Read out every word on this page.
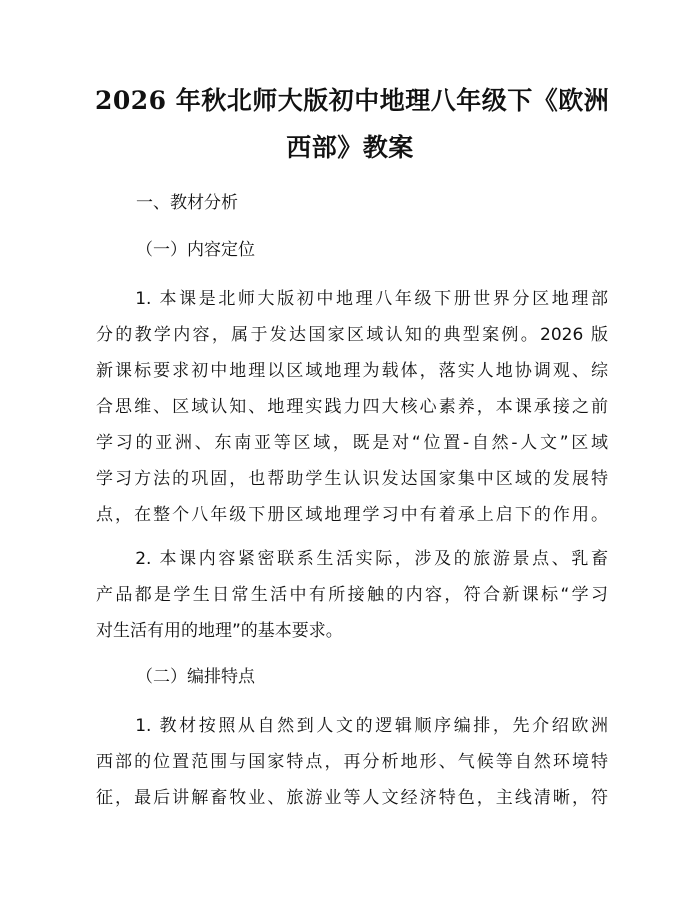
2026 年秋北师大版初中地理八年级下《欧洲
西部》教案
一、教材分析
（一）内容定位
　　1. 本课是北师大版初中地理八年级下册世界分区地理部
分的教学内容，属于发达国家区域认知的典型案例。2026 版
新课标要求初中地理以区域地理为载体，落实人地协调观、综
合思维、区域认知、地理实践力四大核心素养，本课承接之前
学习的亚洲、东南亚等区域，既是对“位置-自然-人文”区域
学习方法的巩固，也帮助学生认识发达国家集中区域的发展特
点，在整个八年级下册区域地理学习中有着承上启下的作用。
　　2. 本课内容紧密联系生活实际，涉及的旅游景点、乳畜
产品都是学生日常生活中有所接触的内容，符合新课标“学习
对生活有用的地理”的基本要求。
（二）编排特点
　　1. 教材按照从自然到人文的逻辑顺序编排，先介绍欧洲
西部的位置范围与国家特点，再分析地形、气候等自然环境特
征，最后讲解畜牧业、旅游业等人文经济特色，主线清晰，符
